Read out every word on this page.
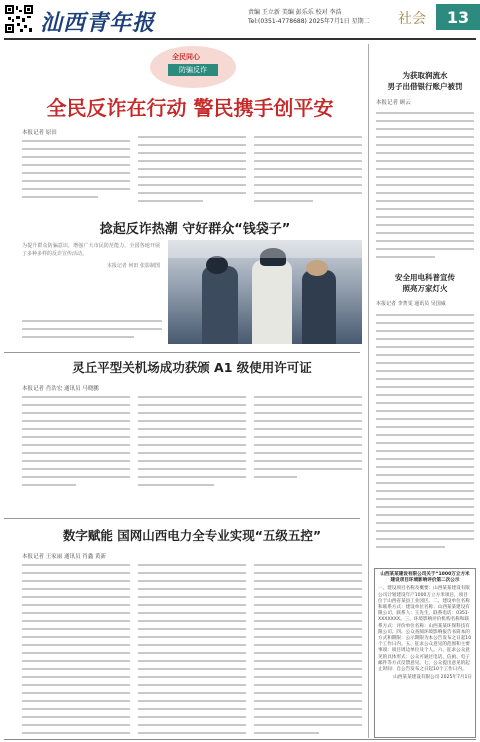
汕西青年报	责编 王立新 美编 彭乐乐 校对 李浩
Tel:(0351-4778688) 2025年7月1日 星期二 社会	13
全民同心
防骗反诈
全民反诈在行动 警民携手创平安
本报记者 原田
捻起反诈热潮 守好群众“钱袋子”
为提升群众防骗意识，增强广大市民防范能力，全国各地开展了多种多样的反诈宣传活动。
本报记者 何田 张影制图
灵丘平型关机场成功获颁 A1 级使用许可证
本报记者 肖浩宏 通讯员 马晓鹏
数字赋能 国网山西电力全专业实现“五级五控”
本报记者 王家丽 通讯员 肖鑫 黄新
为获取润流水
男子出借银行账户被罚
本报记者 顾云
安全用电科普宣传
照亮万家灯火
本报记者 李菁雯 通讯员 吴国威
山西某某建设有限公司关于“1000万立方米
建设项目环境影响评价第二次公示
一、建设项目名称及概要：山西某某建设有限公司计划建设年产1000万立方米项目，项目位于山西省某县工业园区。二、建设单位名称和联系方式：建设单位名称：山西某某建设有限公司，联系人：王先生，联系电话：0351-XXXXXXX。三、环境影响评价机构名称和联系方式：评价单位名称：山西某某环保科技有限公司。四、公众查阅环境影响报告书简本的方式和期限：公示期限为本公告发布之日起10个工作日内。五、征求公众意见的范围和主要事项：项目周边单位及个人。六、征求公众意见的具体形式：公众可通过电话、信函、电子邮件等方式反馈意见。七、公众提出意见的起止时间：自公告发布之日起10个工作日内。
山西某某建设有限公司 2025年7月1日
